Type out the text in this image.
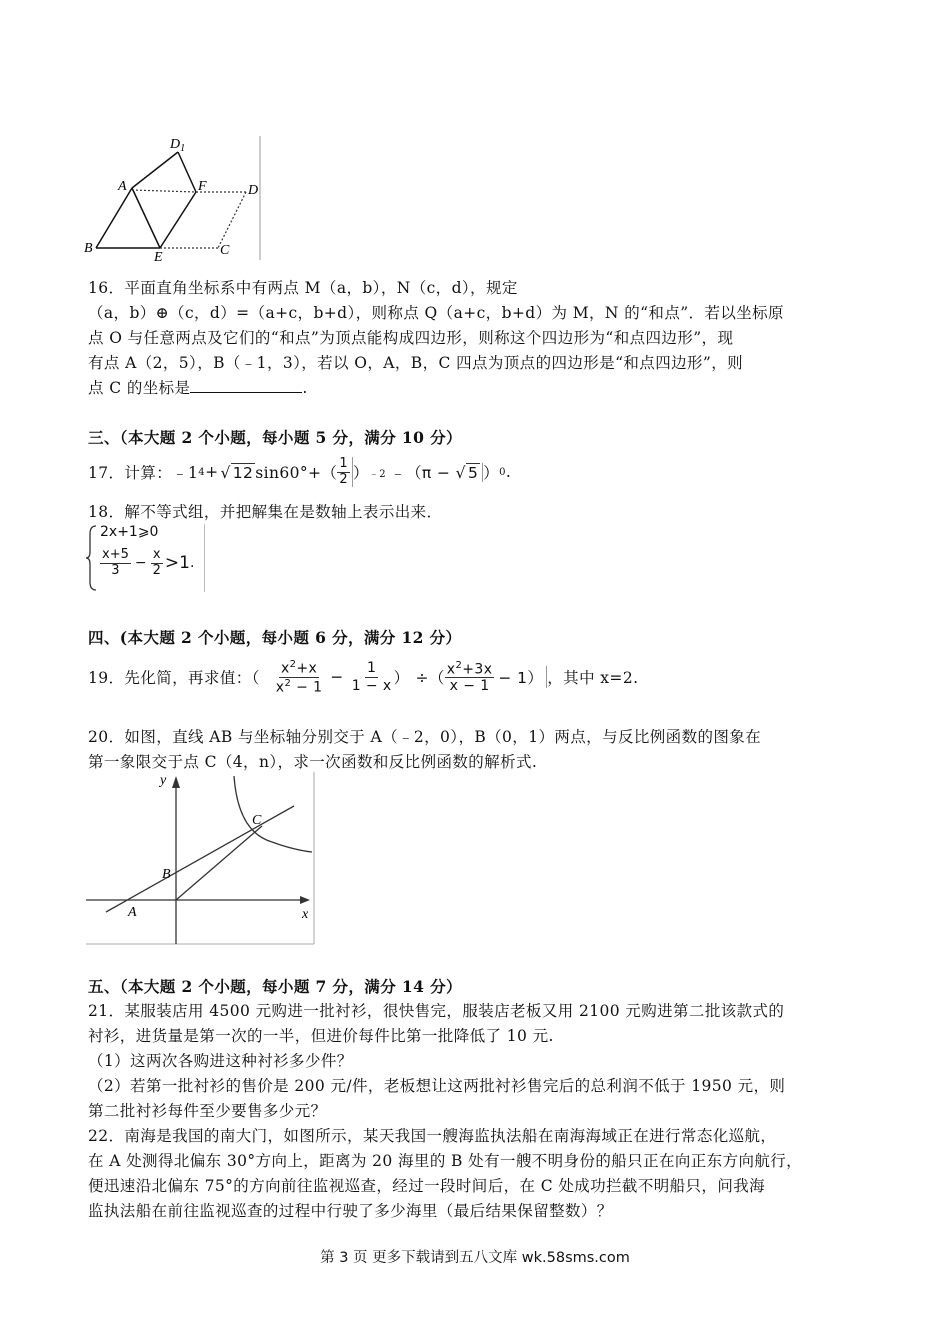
$D_1$
A	F	D
B
E	C
16．平面直角坐标系中有两点 M（a，b），N（c，d），规定
（a，b）⊕（c，d）=（a+c，b+d），则称点 Q（a+c，b+d）为 M，N 的“和点”．若以坐标原
点 O 与任意两点及它们的“和点”为顶点能构成四边形，则称这个四边形为“和点四边形”，现
有点 A（2，5），B（﹣1，3），若以 O，A，B，C 四点为顶点的四边形是“和点四边形”，则
点 C 的坐标是	.
三、（本大题 2 个小题，每小题 5 分，满分 10 分）
17．计算：﹣1 4 + √ 12 $\sin 60^\circ+( \frac{1}{2}$ ） ﹣2 ﹣（ π − √ 5 ） 0 .
18．解不等式组，并把解集在是数轴上表示出来．
2x+1⩾0
$\frac{x+5}{3} - \frac{x}{2} >1$ .
四、(本大题 2 个小题，每小题 6 分，满分 12 分）
19．先化简，再求值：（ $\frac{x^2+x}{x^2 - 1} - \frac{1}{1 - x}$ ） ÷（ $\frac{x^2+3x}{x - 1} - 1$） ，其中 x=2.
20．如图，直线 AB 与坐标轴分别交于 A（﹣2，0），B（0，1）两点，与反比例函数的图象在
第一象限交于点 C（4，n），求一次函数和反比例函数的解析式.
y
x
A
B
C
五、（本大题 2 个小题，每小题 7 分，满分 14 分）
21．某服装店用 4500 元购进一批衬衫，很快售完，服装店老板又用 2100 元购进第二批该款式的
衬衫，进货量是第一次的一半，但进价每件比第一批降低了 10 元.
（1）这两次各购进这种衬衫多少件？
（2）若第一批衬衫的售价是 200 元/件，老板想让这两批衬衫售完后的总利润不低于 1950 元，则
第二批衬衫每件至少要售多少元？
22．南海是我国的南大门，如图所示，某天我国一艘海监执法船在南海海域正在进行常态化巡航，
在 A 处测得北偏东 30°方向上，距离为 20 海里的 B 处有一艘不明身份的船只正在向正东方向航行，
便迅速沿北偏东 75°的方向前往监视巡查，经过一段时间后，在 C 处成功拦截不明船只，问我海
监执法船在前往监视巡查的过程中行驶了多少海里（最后结果保留整数）？
第 3 页 更多下载请到五八文库 wk.58sms.com
